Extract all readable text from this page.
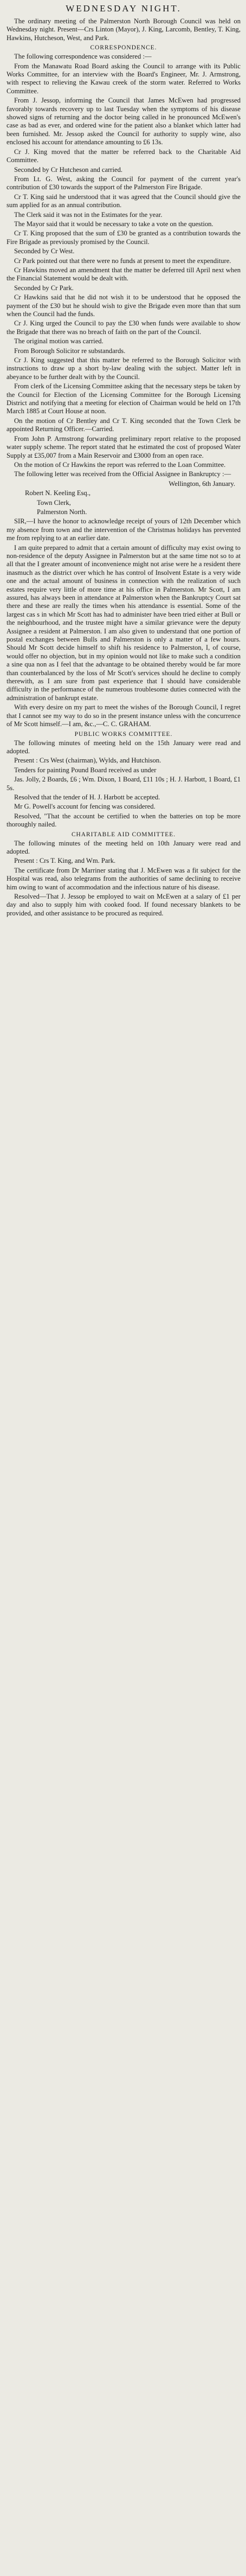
WEDNESDAY NIGHT.

The ordinary meeting of the Palmerston North Borough Council was held on Wednesday night. Present—Crs Linton (Mayor), J. King, Larcomb, Bentley, T. King, Hawkins, Hutcheson, West, and Park.

CORRESPONDENCE.

The following correspondence was considered :—

From the Manawatu Road Board asking the Council to arrange with its Public Works Committee, for an interview with the Board's Engineer, Mr. J. Armstrong, with respect to relieving the Kawau creek of the storm water. Referred to Works Committee.

From J. Jessop, informing the Council that James McEwen had progressed favorably towards recovery up to last Tuesday when the symptoms of his disease showed signs of returning and the doctor being called in he pronounced McEwen's case as bad as ever, and ordered wine for the patient also a blanket which latter had been furnished. Mr. Jessop asked the Council for authority to supply wine, also enclosed his account for attendance amounting to £6 13s.

Cr J. King moved that the matter be referred back to the Charitable Aid Committee.

Seconded by Cr Hutcheson and carried.

From Lt. G. West, asking the Council for payment of the current year's contribution of £30 towards the support of the Palmerston Fire Brigade.

Cr T. King said he understood that it was agreed that the Council should give the sum applied for as an annual contribution.

The Clerk said it was not in the Estimates for the year.

The Mayor said that it would be necessary to take a vote on the question.

Cr T. King proposed that the sum of £30 be granted as a contribution towards the Fire Brigade as previously promised by the Council.

Seconded by Cr West.

Cr Park pointed out that there were no funds at present to meet the expenditure.

Cr Hawkins moved an amendment that the matter be deferred till April next when the Financial Statement would be dealt with.

Seconded by Cr Park.

Cr Hawkins said that he did not wish it to be understood that he opposed the payment of the £30 but he should wish to give the Brigade even more than that sum when the Council had the funds.

Cr J. King urged the Council to pay the £30 when funds were available to show the Brigade that there was no breach of faith on the part of the Council.

The original motion was carried.

From Borough Solicitor re substandards.

Cr J. King suggested that this matter be referred to the Borough Solicitor with instructions to draw up a short by-law dealing with the subject. Matter left in abeyance to be further dealt with by the Council.

From clerk of the Licensing Committee asking that the necessary steps be taken by the Council for Election of the Licensing Committee for the Borough Licensing District and notifying that a meeting for election of Chairman would be held on 17th March 1885 at Court House at noon.

On the motion of Cr Bentley and Cr T. King seconded that the Town Clerk be appointed Returning Officer.—Carried.

From John P. Armstrong forwarding preliminary report relative to the proposed water supply scheme. The report stated that he estimated the cost of proposed Water Supply at £35,007 from a Main Reservoir and £3000 from an open race.

On the motion of Cr Hawkins the report was referred to the Loan Committee.

The following letter was received from the Official Assignee in Bankruptcy :—

Wellington, 6th January.

Robert N. Keeling Esq.,

Town Clerk,

Palmerston North.

SIR,—I have the honor to acknowledge receipt of yours of 12th December which my absence from town and the intervention of the Christmas holidays has prevented me from replying to at an earlier date.

I am quite prepared to admit that a certain amount of difficulty may exist owing to non-residence of the deputy Assignee in Palmerston but at the same time not so to at all that the I greater amount of inconvenience might not arise were he a resident there inasmuch as the district over which he has control of Insolvent Estate is a very wide one and the actual amount of business in connection with the realization of such estates require very little of more time at his office in Palmerston. Mr Scott, I am assured, has always been in attendance at Palmerston when the Bankruptcy Court sat there and these are really the times when his attendance is essential. Some of the largest cas s in which Mr Scott has had to administer have been tried either at Bull or the neighbourhood, and the trustee might have a similar grievance were the deputy Assignee a resident at Palmerston. I am also given to understand that one portion of postal exchanges between Bulls and Palmerston is only a matter of a few hours. Should Mr Scott decide himself to shift his residence to Palmerston, I, of course, would offer no objection, but in my opinion would not like to make such a condition a sine qua non as I feel that the advantage to be obtained thereby would be far more than counterbalanced by the loss of Mr Scott's services should he decline to comply therewith, as I am sure from past experience that I should have considerable difficulty in the performance of the numerous troublesome duties connected with the administration of bankrupt estate.

With every desire on my part to meet the wishes of the Borough Council, I regret that I cannot see my way to do so in the present instance unless with the concurrence of Mr Scott himself.—I am, &c.,—C. C. GRAHAM.

PUBLIC WORKS COMMITTEE.

The following minutes of meeting held on the 15th January were read and adopted.

Present : Crs West (chairman), Wylds, and Hutchison.

Tenders for painting Pound Board received as under

Jas. Jolly, 2 Boards, £6 ; Wm. Dixon, 1 Board, £11 10s ; H. J. Harbott, 1 Board, £1 5s.

Resolved that the tender of H. J. Harbott be accepted.

Mr G. Powell's account for fencing was considered.

Resolved, "That the account be certified to when the batteries on top be more thoroughly nailed.

CHARITABLE AID COMMITTEE.

The following minutes of the meeting held on 10th January were read and adopted.

Present : Crs T. King, and Wm. Park.

The certificate from Dr Marriner stating that J. McEwen was a fit subject for the Hospital was read, also telegrams from the authorities of same declining to receive him owing to want of accommodation and the infectious nature of his disease.

Resolved—That J. Jessop be employed to wait on McEwen at a salary of £1 per day and also to supply him with cooked food. If found necessary blankets to be provided, and other assistance to be procured as required.
